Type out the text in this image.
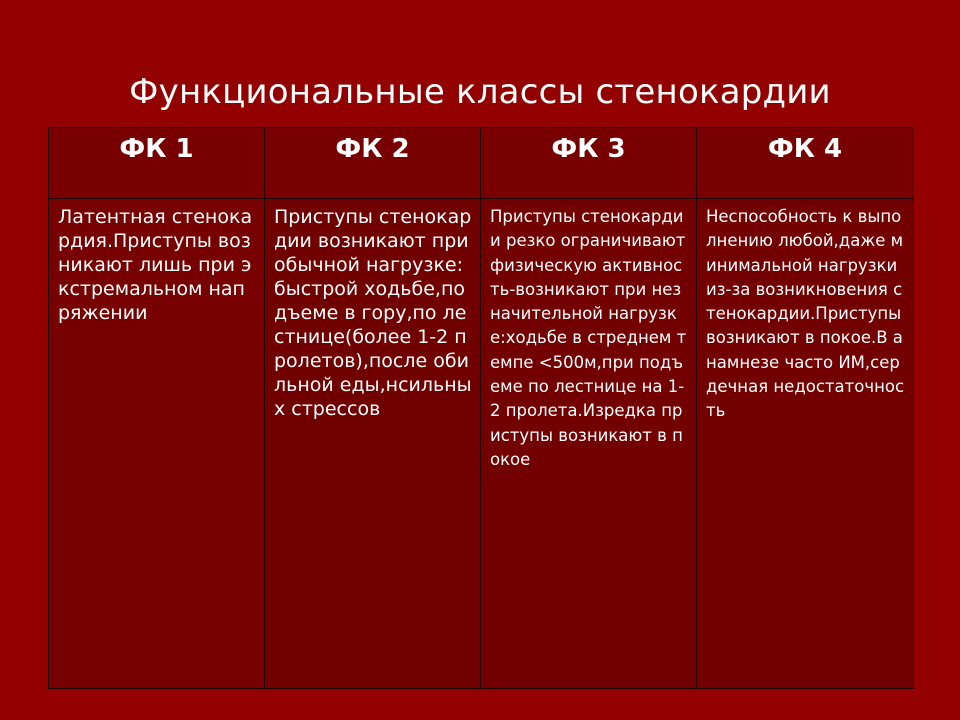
Функциональные классы стенокардии
ФК 1	ФК 2	ФК 3	ФК 4
Латентная стенокардия.Приступы возникают лишь при экстремальном напряжении	Приступы стенокардии возникают при обычной нагрузке:быстрой ходьбе,подъеме в гору,по лестнице(более 1-2 пролетов),после обильной еды,нсильных стрессов	Приступы стенокардии резко ограничивают физическую активность-возникают при незначительной нагрузке:ходьбе в стреднем темпе <500м,при подъеме по лестнице на 1-2 пролета.Изредка приступы возникают в покое	Неспособность к выполнению любой,даже минимальной нагрузки из-за возникновения стенокардии.Приступы возникают в покое.В анамнезе часто ИМ,сердечная недостаточность
